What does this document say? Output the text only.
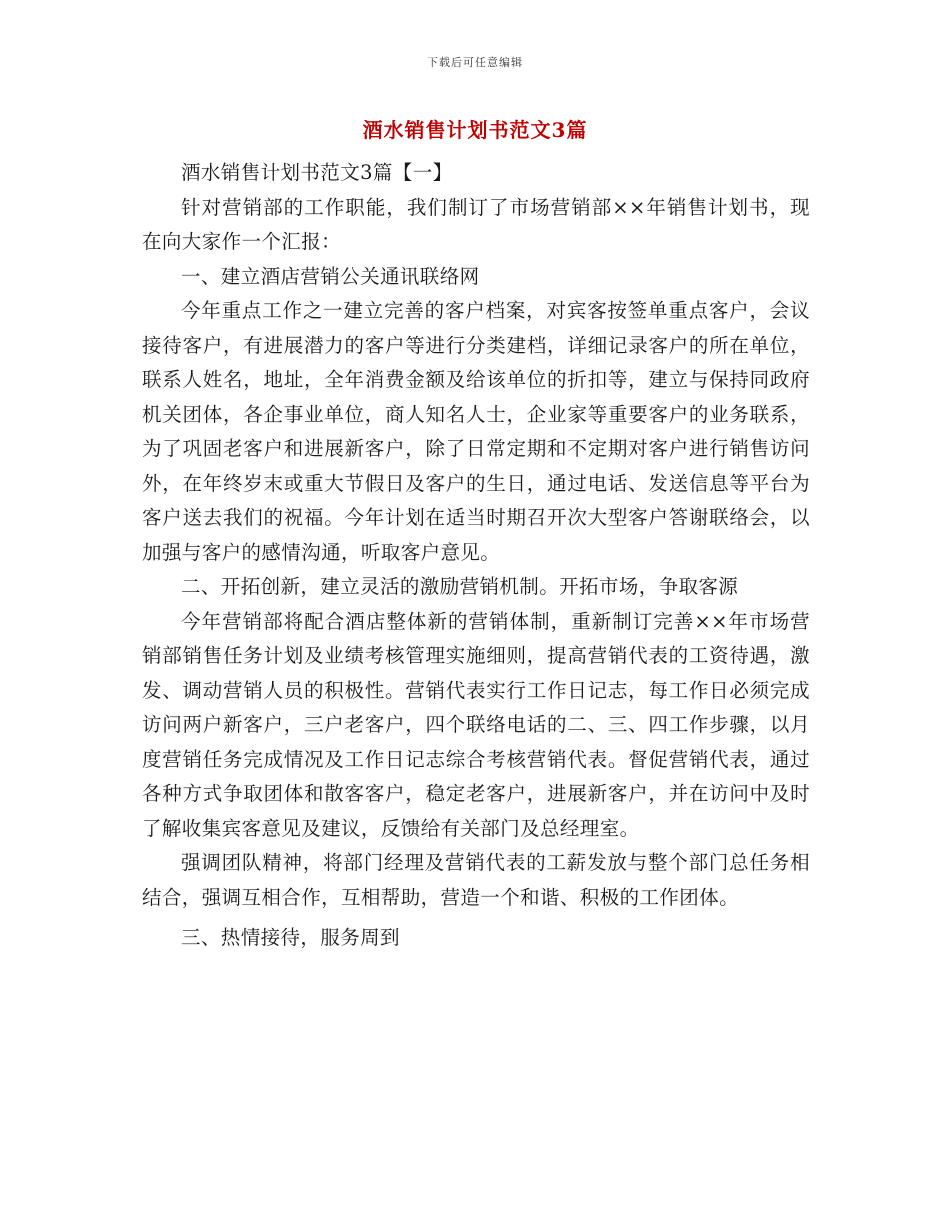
下载后可任意编辑
酒水销售计划书范文3篇

酒水销售计划书范文3篇【一】

针对营销部的工作职能，我们制订了市场营销部××年销售计划书，现在向大家作一个汇报：

一、建立酒店营销公关通讯联络网

今年重点工作之一建立完善的客户档案，对宾客按签单重点客户，会议接待客户，有进展潜力的客户等进行分类建档，详细记录客户的所在单位，联系人姓名，地址，全年消费金额及给该单位的折扣等，建立与保持同政府机关团体，各企事业单位，商人知名人士，企业家等重要客户的业务联系，为了巩固老客户和进展新客户，除了日常定期和不定期对客户进行销售访问外，在年终岁末或重大节假日及客户的生日，通过电话、发送信息等平台为客户送去我们的祝福。今年计划在适当时期召开次大型客户答谢联络会，以加强与客户的感情沟通，听取客户意见。

二、开拓创新，建立灵活的激励营销机制。开拓市场，争取客源

今年营销部将配合酒店整体新的营销体制，重新制订完善××年市场营销部销售任务计划及业绩考核管理实施细则，提高营销代表的工资待遇，激发、调动营销人员的积极性。营销代表实行工作日记志，每工作日必须完成访问两户新客户，三户老客户，四个联络电话的二、三、四工作步骤，以月度营销任务完成情况及工作日记志综合考核营销代表。督促营销代表，通过各种方式争取团体和散客客户，稳定老客户，进展新客户，并在访问中及时了解收集宾客意见及建议，反馈给有关部门及总经理室。

强调团队精神，将部门经理及营销代表的工薪发放与整个部门总任务相结合，强调互相合作，互相帮助，营造一个和谐、积极的工作团体。

三、热情接待，服务周到
